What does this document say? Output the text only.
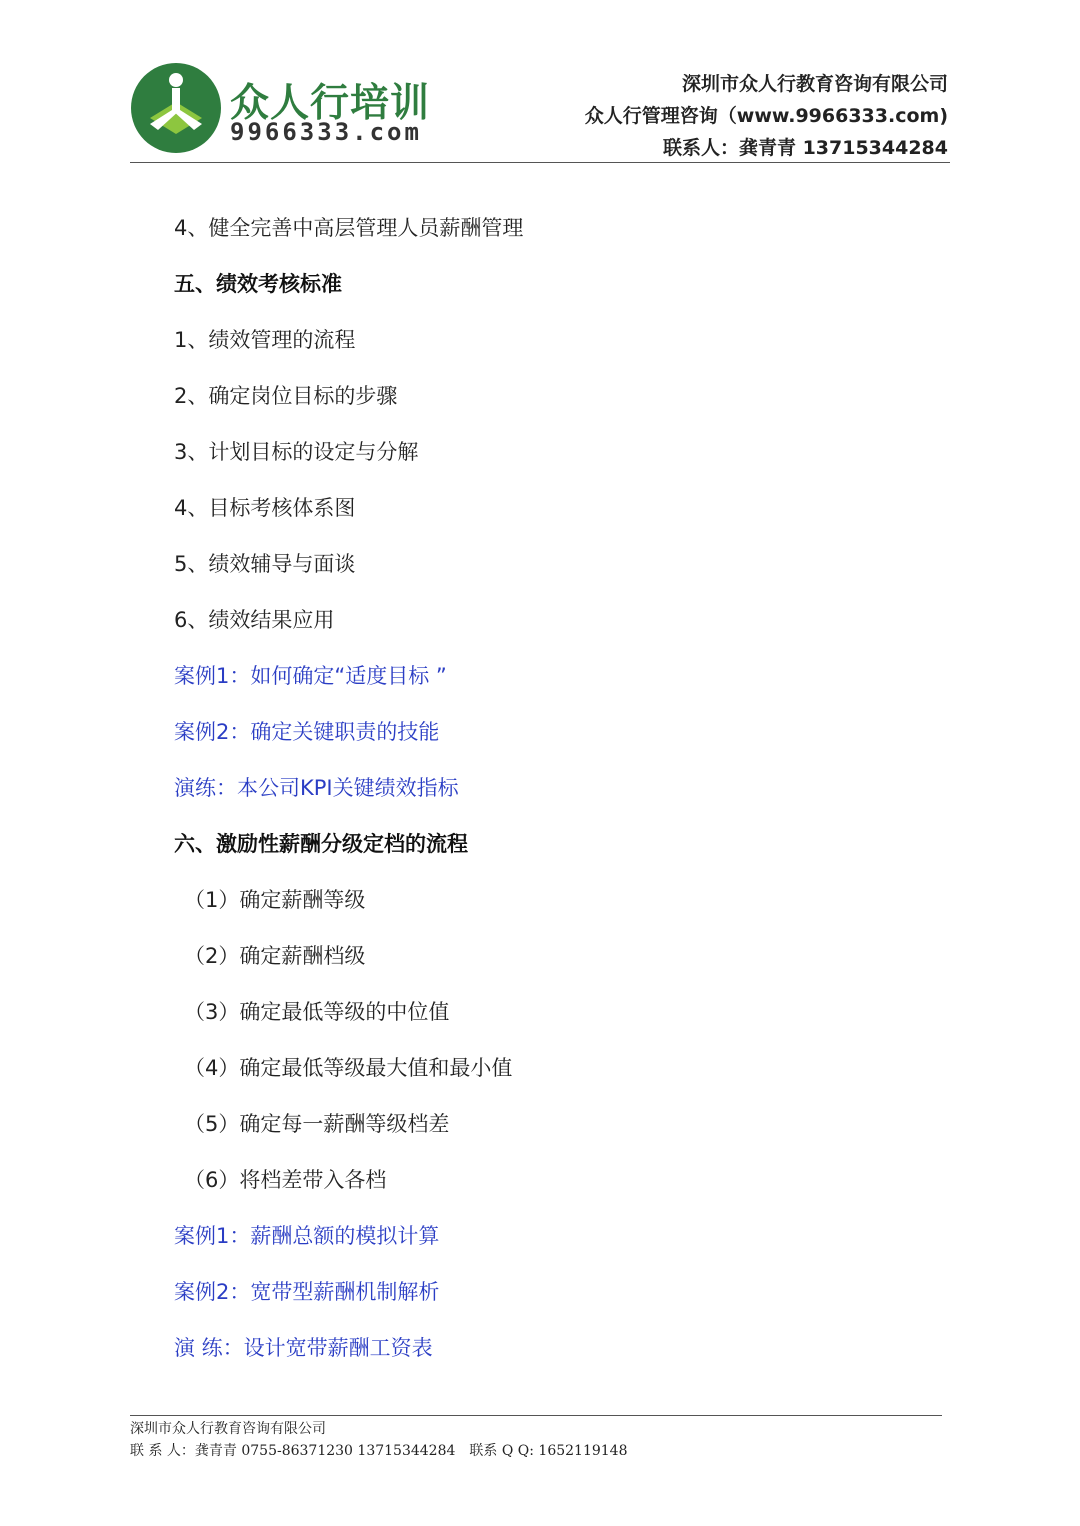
众人行培训
9966333.com
深圳市众人行教育咨询有限公司
众人行管理咨询（www.9966333.com)
联系人：龚青青 13715344284
4、健全完善中高层管理人员薪酬管理
五、绩效考核标准
1、绩效管理的流程
2、确定岗位目标的步骤
3、计划目标的设定与分解
4、目标考核体系图
5、绩效辅导与面谈
6、绩效结果应用
案例1：如何确定“适度目标 ”
案例2：确定关键职责的技能
演练：本公司KPI关键绩效指标
六、激励性薪酬分级定档的流程
（1）确定薪酬等级
（2）确定薪酬档级
（3）确定最低等级的中位值
（4）确定最低等级最大值和最小值
（5）确定每一薪酬等级档差
（6）将档差带入各档
案例1：薪酬总额的模拟计算
案例2：宽带型薪酬机制解析
演 练：设计宽带薪酬工资表
深圳市众人行教育咨询有限公司
联 系 人：龚青青 0755-86371230 13715344284　联系 Q Q: 1652119148
